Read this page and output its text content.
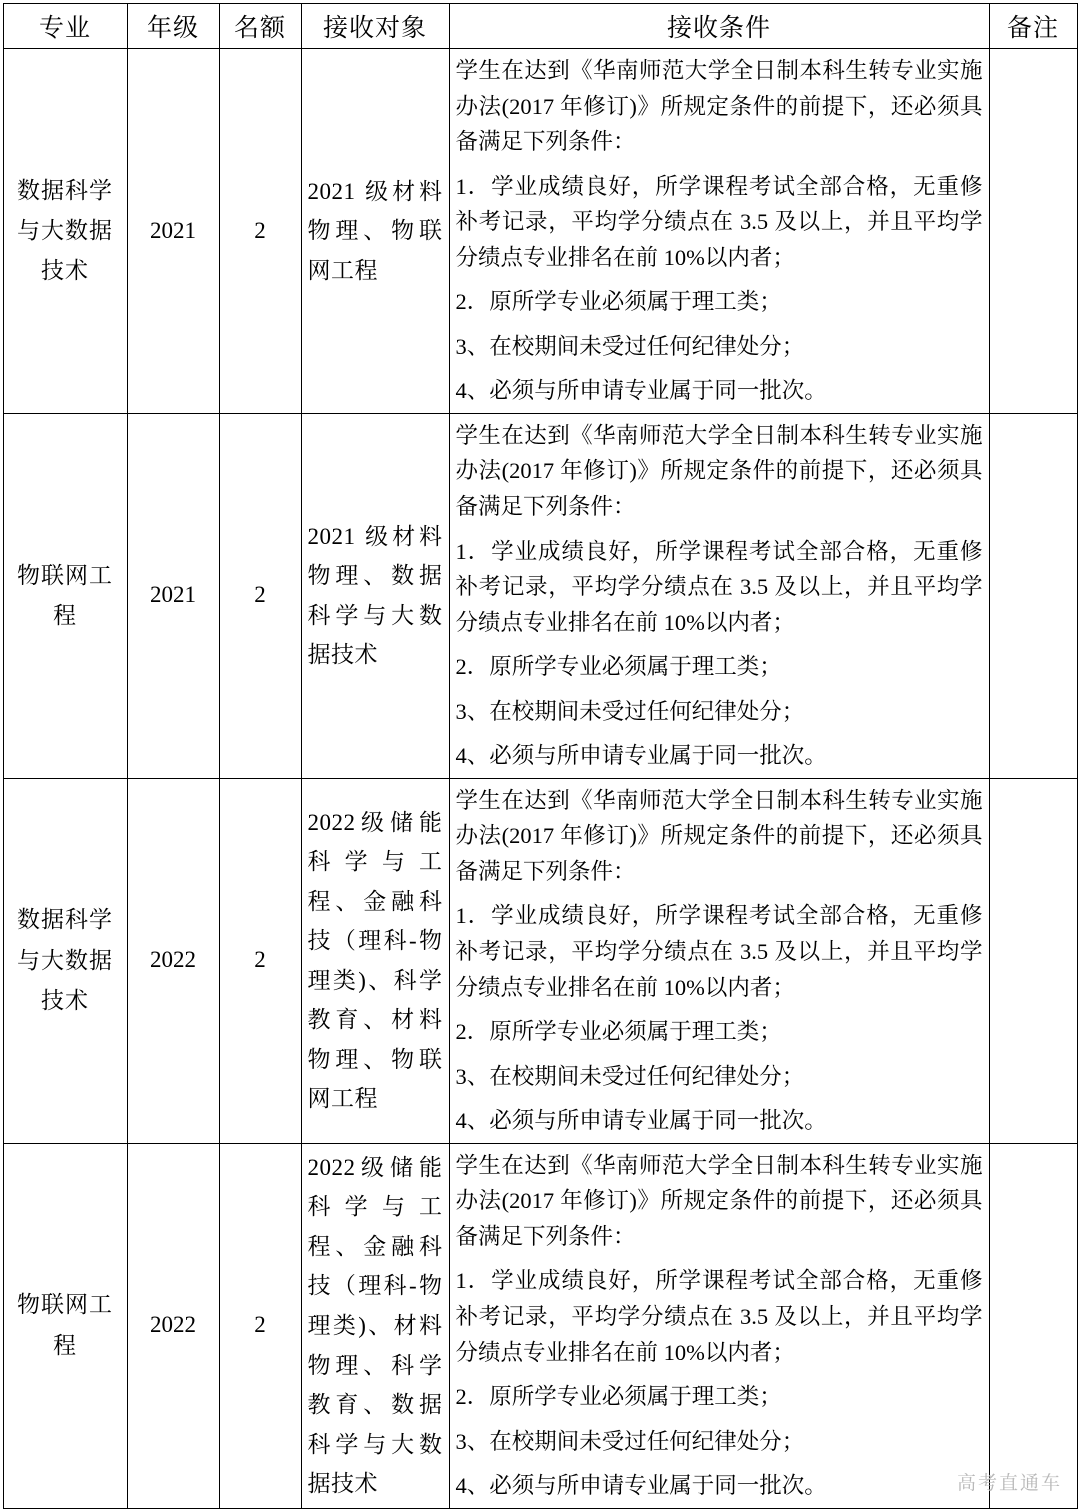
专业	年级	名额	接收对象	接收条件	备注
数据科学与大数据技术	2021	2	2021 级材料物理、物联网工程	学生在达到《华南师范大学全日制本科生转专业实施办法(2017 年修订)》所规定条件的前提下，还必须具备满足下列条件：

1．学业成绩良好，所学课程考试全部合格，无重修补考记录，平均学分绩点在 3.5 及以上，并且平均学分绩点专业排名在前 10%以内者；

2．原所学专业必须属于理工类；

3、在校期间未受过任何纪律处分；

4、必须与所申请专业属于同一批次。	

物联网工程	2021	2	2021 级材料物理、数据科学与大数据技术	学生在达到《华南师范大学全日制本科生转专业实施办法(2017 年修订)》所规定条件的前提下，还必须具备满足下列条件：

1．学业成绩良好，所学课程考试全部合格，无重修补考记录，平均学分绩点在 3.5 及以上，并且平均学分绩点专业排名在前 10%以内者；

2．原所学专业必须属于理工类；

3、在校期间未受过任何纪律处分；

4、必须与所申请专业属于同一批次。	

数据科学与大数据技术	2022	2	2022级储能科学与工程、金融科技（理科-物理类)、科学教育、材料物理、物联网工程	学生在达到《华南师范大学全日制本科生转专业实施办法(2017 年修订)》所规定条件的前提下，还必须具备满足下列条件：

1．学业成绩良好，所学课程考试全部合格，无重修补考记录，平均学分绩点在 3.5 及以上，并且平均学分绩点专业排名在前 10%以内者；

2．原所学专业必须属于理工类；

3、在校期间未受过任何纪律处分；

4、必须与所申请专业属于同一批次。	

物联网工程	2022	2	2022级储能科学与工程、金融科技（理科-物理类)、材料物理、科学教育、数据科学与大数据技术	学生在达到《华南师范大学全日制本科生转专业实施办法(2017 年修订)》所规定条件的前提下，还必须具备满足下列条件：

1．学业成绩良好，所学课程考试全部合格，无重修补考记录，平均学分绩点在 3.5 及以上，并且平均学分绩点专业排名在前 10%以内者；

2．原所学专业必须属于理工类；

3、在校期间未受过任何纪律处分；

4、必须与所申请专业属于同一批次。	

		高考直通车
